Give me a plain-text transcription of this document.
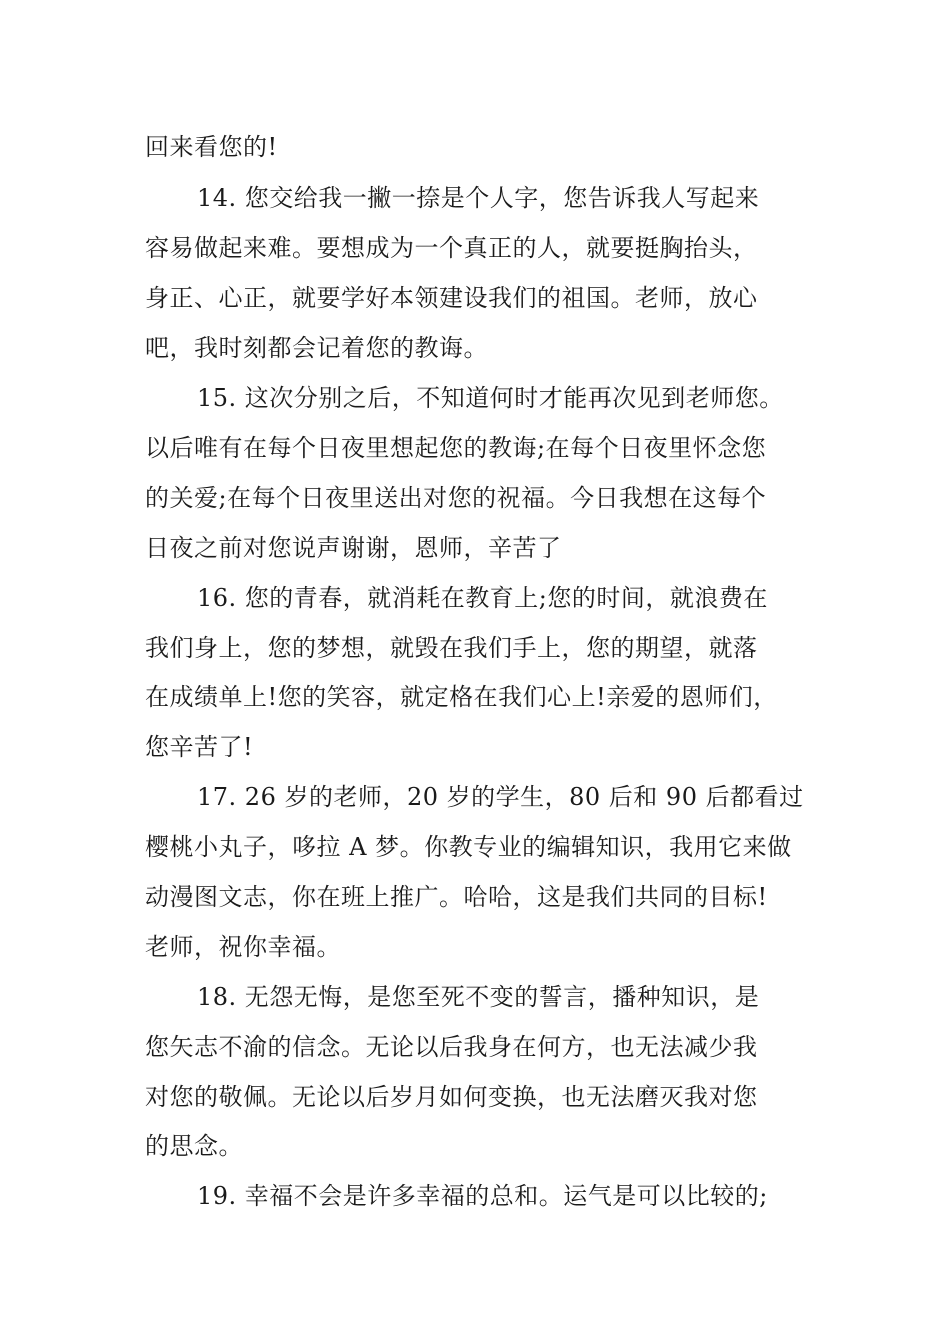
回来看您的!
14. 您交给我一撇一捺是个人字，您告诉我人写起来
容易做起来难。要想成为一个真正的人，就要挺胸抬头，
身正、心正，就要学好本领建设我们的祖国。老师，放心
吧，我时刻都会记着您的教诲。
15. 这次分别之后，不知道何时才能再次见到老师您。
以后唯有在每个日夜里想起您的教诲;在每个日夜里怀念您
的关爱;在每个日夜里送出对您的祝福。今日我想在这每个
日夜之前对您说声谢谢，恩师，辛苦了
16. 您的青春，就消耗在教育上;您的时间，就浪费在
我们身上，您的梦想，就毁在我们手上，您的期望，就落
在成绩单上!您的笑容，就定格在我们心上!亲爱的恩师们，
您辛苦了!
17. 26 岁的老师，20 岁的学生，80 后和 90 后都看过
樱桃小丸子，哆拉 A 梦。你教专业的编辑知识，我用它来做
动漫图文志，你在班上推广。哈哈，这是我们共同的目标!
老师，祝你幸福。
18. 无怨无悔，是您至死不变的誓言，播种知识，是
您矢志不渝的信念。无论以后我身在何方，也无法减少我
对您的敬佩。无论以后岁月如何变换，也无法磨灭我对您
的思念。
19. 幸福不会是许多幸福的总和。运气是可以比较的;
